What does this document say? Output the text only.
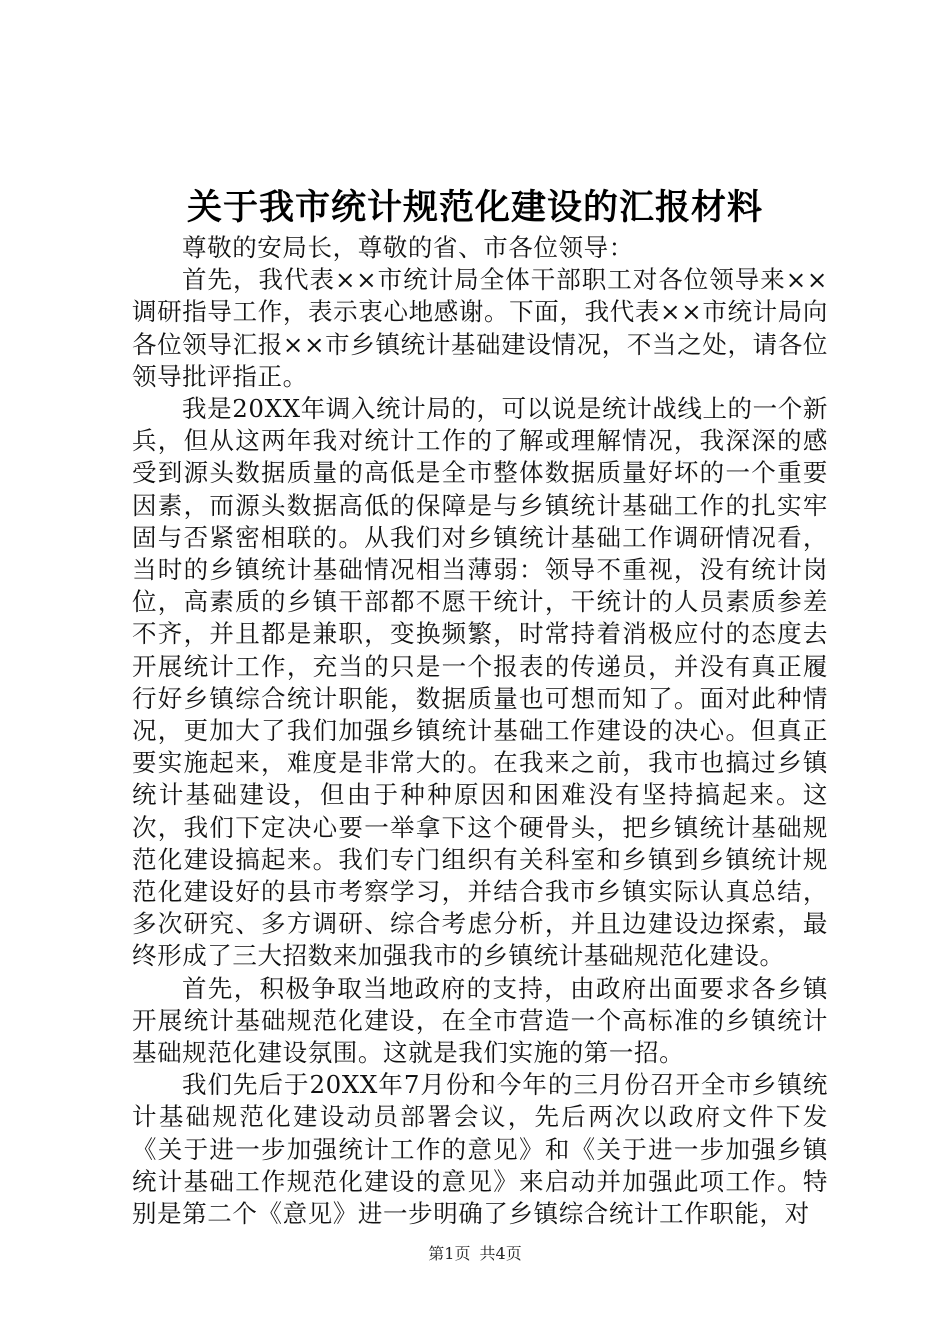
关于我市统计规范化建设的汇报材料

尊敬的安局长，尊敬的省、市各位领导：

首先，我代表××市统计局全体干部职工对各位领导来××调研指导工作，表示衷心地感谢。下面，我代表××市统计局向各位领导汇报××市乡镇统计基础建设情况，不当之处，请各位领导批评指正。

我是20XX年调入统计局的，可以说是统计战线上的一个新兵，但从这两年我对统计工作的了解或理解情况，我深深的感受到源头数据质量的高低是全市整体数据质量好坏的一个重要因素，而源头数据高低的保障是与乡镇统计基础工作的扎实牢固与否紧密相联的。从我们对乡镇统计基础工作调研情况看，当时的乡镇统计基础情况相当薄弱：领导不重视，没有统计岗位，高素质的乡镇干部都不愿干统计，干统计的人员素质参差不齐，并且都是兼职，变换频繁，时常持着消极应付的态度去开展统计工作，充当的只是一个报表的传递员，并没有真正履行好乡镇综合统计职能，数据质量也可想而知了。面对此种情况，更加大了我们加强乡镇统计基础工作建设的决心。但真正要实施起来，难度是非常大的。在我来之前，我市也搞过乡镇统计基础建设，但由于种种原因和困难没有坚持搞起来。这次，我们下定决心要一举拿下这个硬骨头，把乡镇统计基础规范化建设搞起来。我们专门组织有关科室和乡镇到乡镇统计规范化建设好的县市考察学习，并结合我市乡镇实际认真总结，多次研究、多方调研、综合考虑分析，并且边建设边探索，最终形成了三大招数来加强我市的乡镇统计基础规范化建设。

首先，积极争取当地政府的支持，由政府出面要求各乡镇开展统计基础规范化建设，在全市营造一个高标准的乡镇统计基础规范化建设氛围。这就是我们实施的第一招。

我们先后于20XX年7月份和今年的三月份召开全市乡镇统计基础规范化建设动员部署会议，先后两次以政府文件下发《关于进一步加强统计工作的意见》和《关于进一步加强乡镇统计基础工作规范化建设的意见》来启动并加强此项工作。特别是第二个《意见》进一步明确了乡镇综合统计工作职能，对

第1页 共4页
